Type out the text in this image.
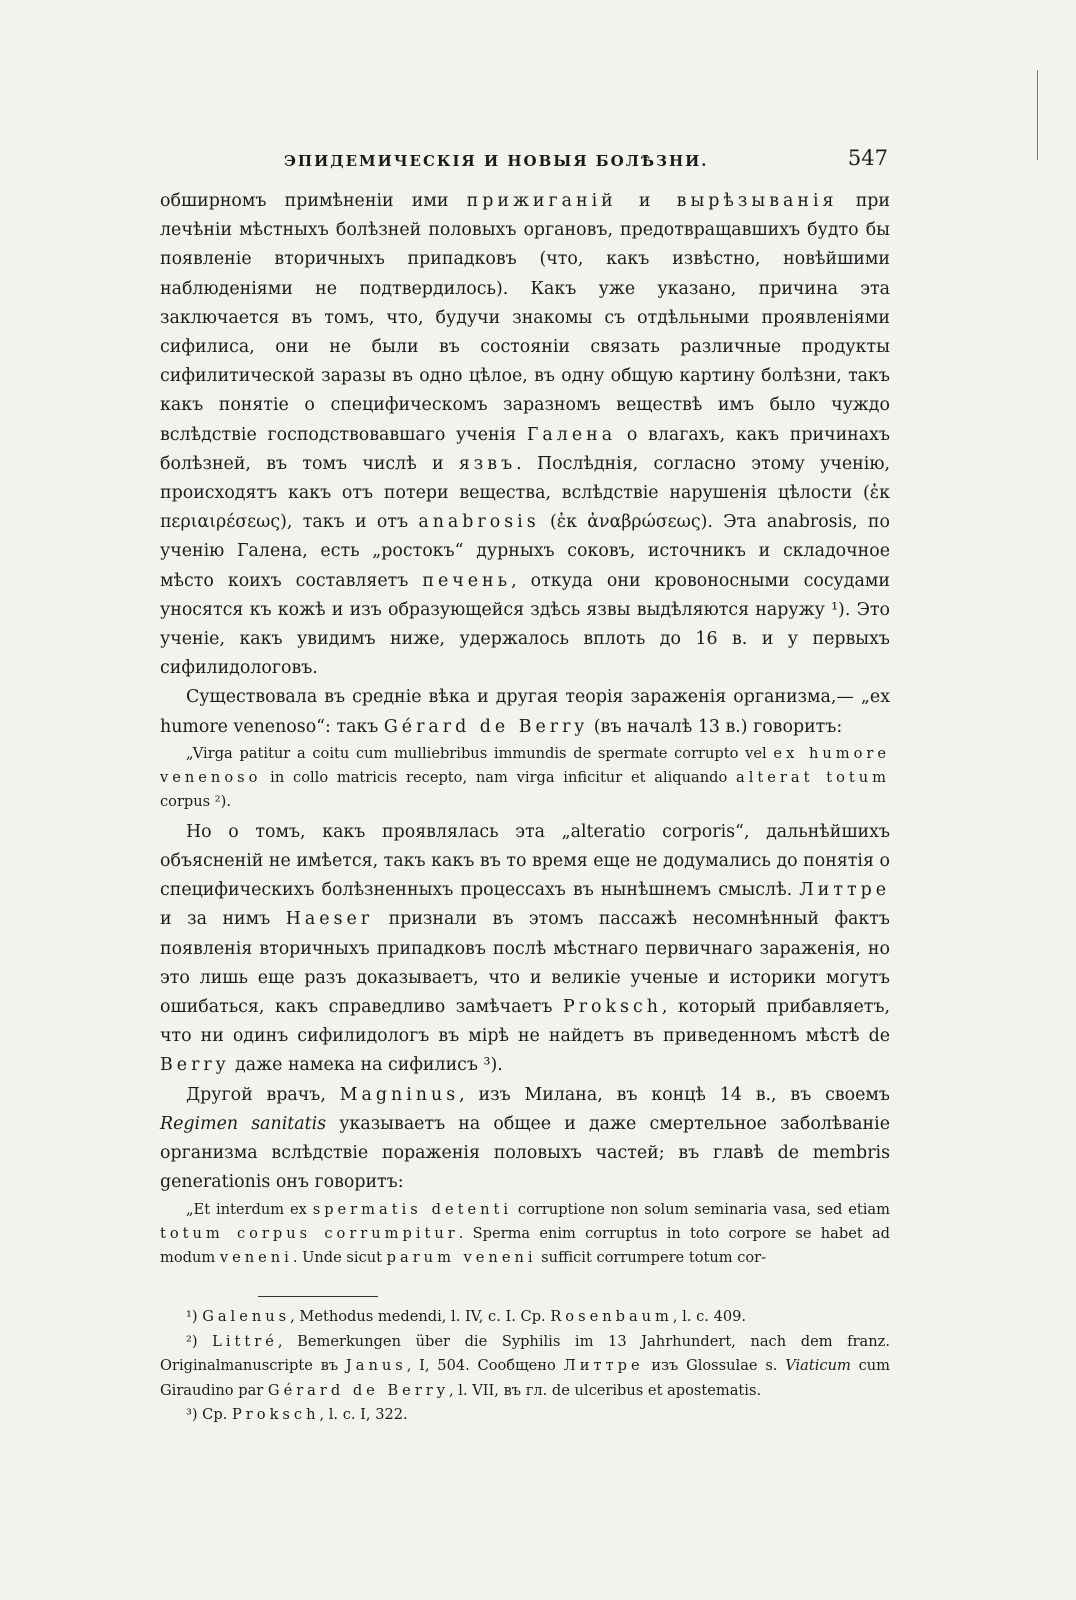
ЭПИДЕМИЧЕСКІЯ И НОВЫЯ БОЛѢЗНИ.	547

обширномъ примѣненіи ими прижиганій и вырѣзыванія при лечѣніи мѣстныхъ болѣзней половыхъ органовъ, предотвращавшихъ будто бы появленіе вторичныхъ припадковъ (что, какъ извѣстно, новѣйшими наблюденіями не подтвердилось). Какъ уже указано, причина эта заключается въ томъ, что, будучи знакомы съ отдѣльными проявленіями сифилиса, они не были въ состояніи связать различные продукты сифилитической заразы въ одно цѣлое, въ одну общую картину болѣзни, такъ какъ понятіе о специфическомъ заразномъ веществѣ имъ было чуждо вслѣдствіе господствовавшаго ученія Галена о влагахъ, какъ причинахъ болѣзней, въ томъ числѣ и язвъ. Послѣднія, согласно этому ученію, происходятъ какъ отъ потери вещества, вслѣдствіе нарушенія цѣлости (ἐκ περιαιρέσεως), такъ и отъ anabrosis (ἐκ ἀναβρώσεως). Эта anabrosis, по ученію Галена, есть „ростокъ“ дурныхъ соковъ, источникъ и складочное мѣсто коихъ составляетъ печень, откуда они кровоносными сосудами уносятся къ кожѣ и изъ образующейся здѣсь язвы выдѣляются наружу ¹). Это ученіе, какъ увидимъ ниже, удержалось вплоть до 16 в. и у первыхъ сифилидологовъ.

Существовала въ средніе вѣка и другая теорія зараженія организма,— „ex humore venenoso“: такъ Gérard de Berry (въ началѣ 13 в.) говоритъ:

„Virga patitur a coitu cum mulliebribus immundis de spermate corrupto vel ex humore venenoso in collo matricis recepto, nam virga inficitur et aliquando alterat totum corpus ²).

Но о томъ, какъ проявлялась эта „alteratio corporis“, дальнѣйшихъ объясненій не имѣется, такъ какъ въ то время еще не додумались до понятія о специфическихъ болѣзненныхъ процессахъ въ нынѣшнемъ смыслѣ. Литтре и за нимъ Haeser признали въ этомъ пассажѣ несомнѣнный фактъ появленія вторичныхъ припадковъ послѣ мѣстнаго первичнаго зараженія, но это лишь еще разъ доказываетъ, что и великіе ученые и историки могутъ ошибаться, какъ справедливо замѣчаетъ Proksch, который прибавляетъ, что ни одинъ сифилидологъ въ мірѣ не найдетъ въ приведенномъ мѣстѣ de Berry даже намека на сифилисъ ³).

Другой врачъ, Magninus, изъ Милана, въ концѣ 14 в., въ своемъ Regimen sanitatis указываетъ на общее и даже смертельное заболѣваніе организма вслѣдствіе пораженія половыхъ частей; въ главѣ de membris generationis онъ говоритъ:

„Et interdum ex spermatis detenti corruptione non solum seminaria vasa, sed etiam totum corpus corrumpitur. Sperma enim corruptus in toto corpore se habet ad modum veneni. Unde sicut parum veneni sufficit corrumpere totum cor-

¹) Galenus, Methodus medendi, l. IV, c. I. Cp. Rosenbaum, l. c. 409.

²) Littré, Bemerkungen über die Syphilis im 13 Jahrhundert, nach dem franz. Originalmanuscripte въ Janus, I, 504. Сообщено Литтре изъ Glossulae s. Viaticum cum Giraudino par Gérard de Berry, l. VII, въ гл. de ulceribus et apostematis.

³) Cp. Proksch, l. c. I, 322.
